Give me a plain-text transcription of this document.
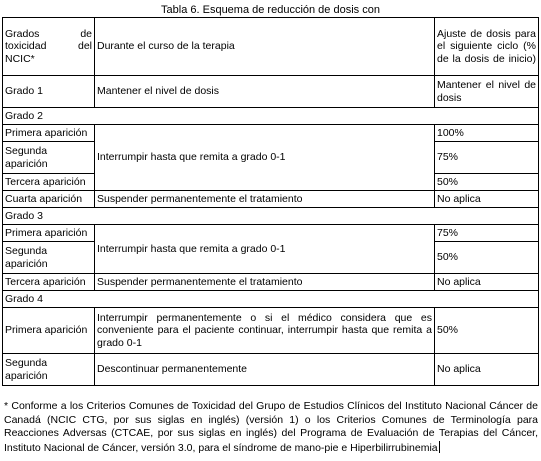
Tabla 6. Esquema de reducción de dosis con
Grados de toxicidad del NCIC*	Durante el curso de la terapia	Ajuste de dosis para el siguiente ciclo (% de la dosis de inicio)
Grado 1	Mantener el nivel de dosis	Mantener el nivel de dosis
Grado 2		
Primera aparición	Interrumpir hasta que remita a grado 0-1	100%
Segunda aparición		75%
Tercera aparición		50%
Cuarta aparición	Suspender permanentemente el tratamiento	No aplica
Grado 3		
Primera aparición	Interrumpir hasta que remita a grado 0-1	75%
Segunda aparición		50%
Tercera aparición	Suspender permanentemente el tratamiento	No aplica
Grado 4		
Primera aparición	Interrumpir permanentemente o si el médico considera que es conveniente para el paciente continuar, interrumpir hasta que remita a grado 0-1	50%
Segunda aparición	Descontinuar permanentemente	No aplica
* Conforme a los Criterios Comunes de Toxicidad del Grupo de Estudios Clínicos del Instituto Nacional Cáncer de Canadá (NCIC CTG, por sus siglas en inglés) (versión 1) o los Criterios Comunes de Terminología para Reacciones Adversas (CTCAE, por sus siglas en inglés) del Programa de Evaluación de Terapias del Cáncer, Instituto Nacional de Cáncer, versión 3.0, para el síndrome de mano-pie e Hiperbilirrubinemia
